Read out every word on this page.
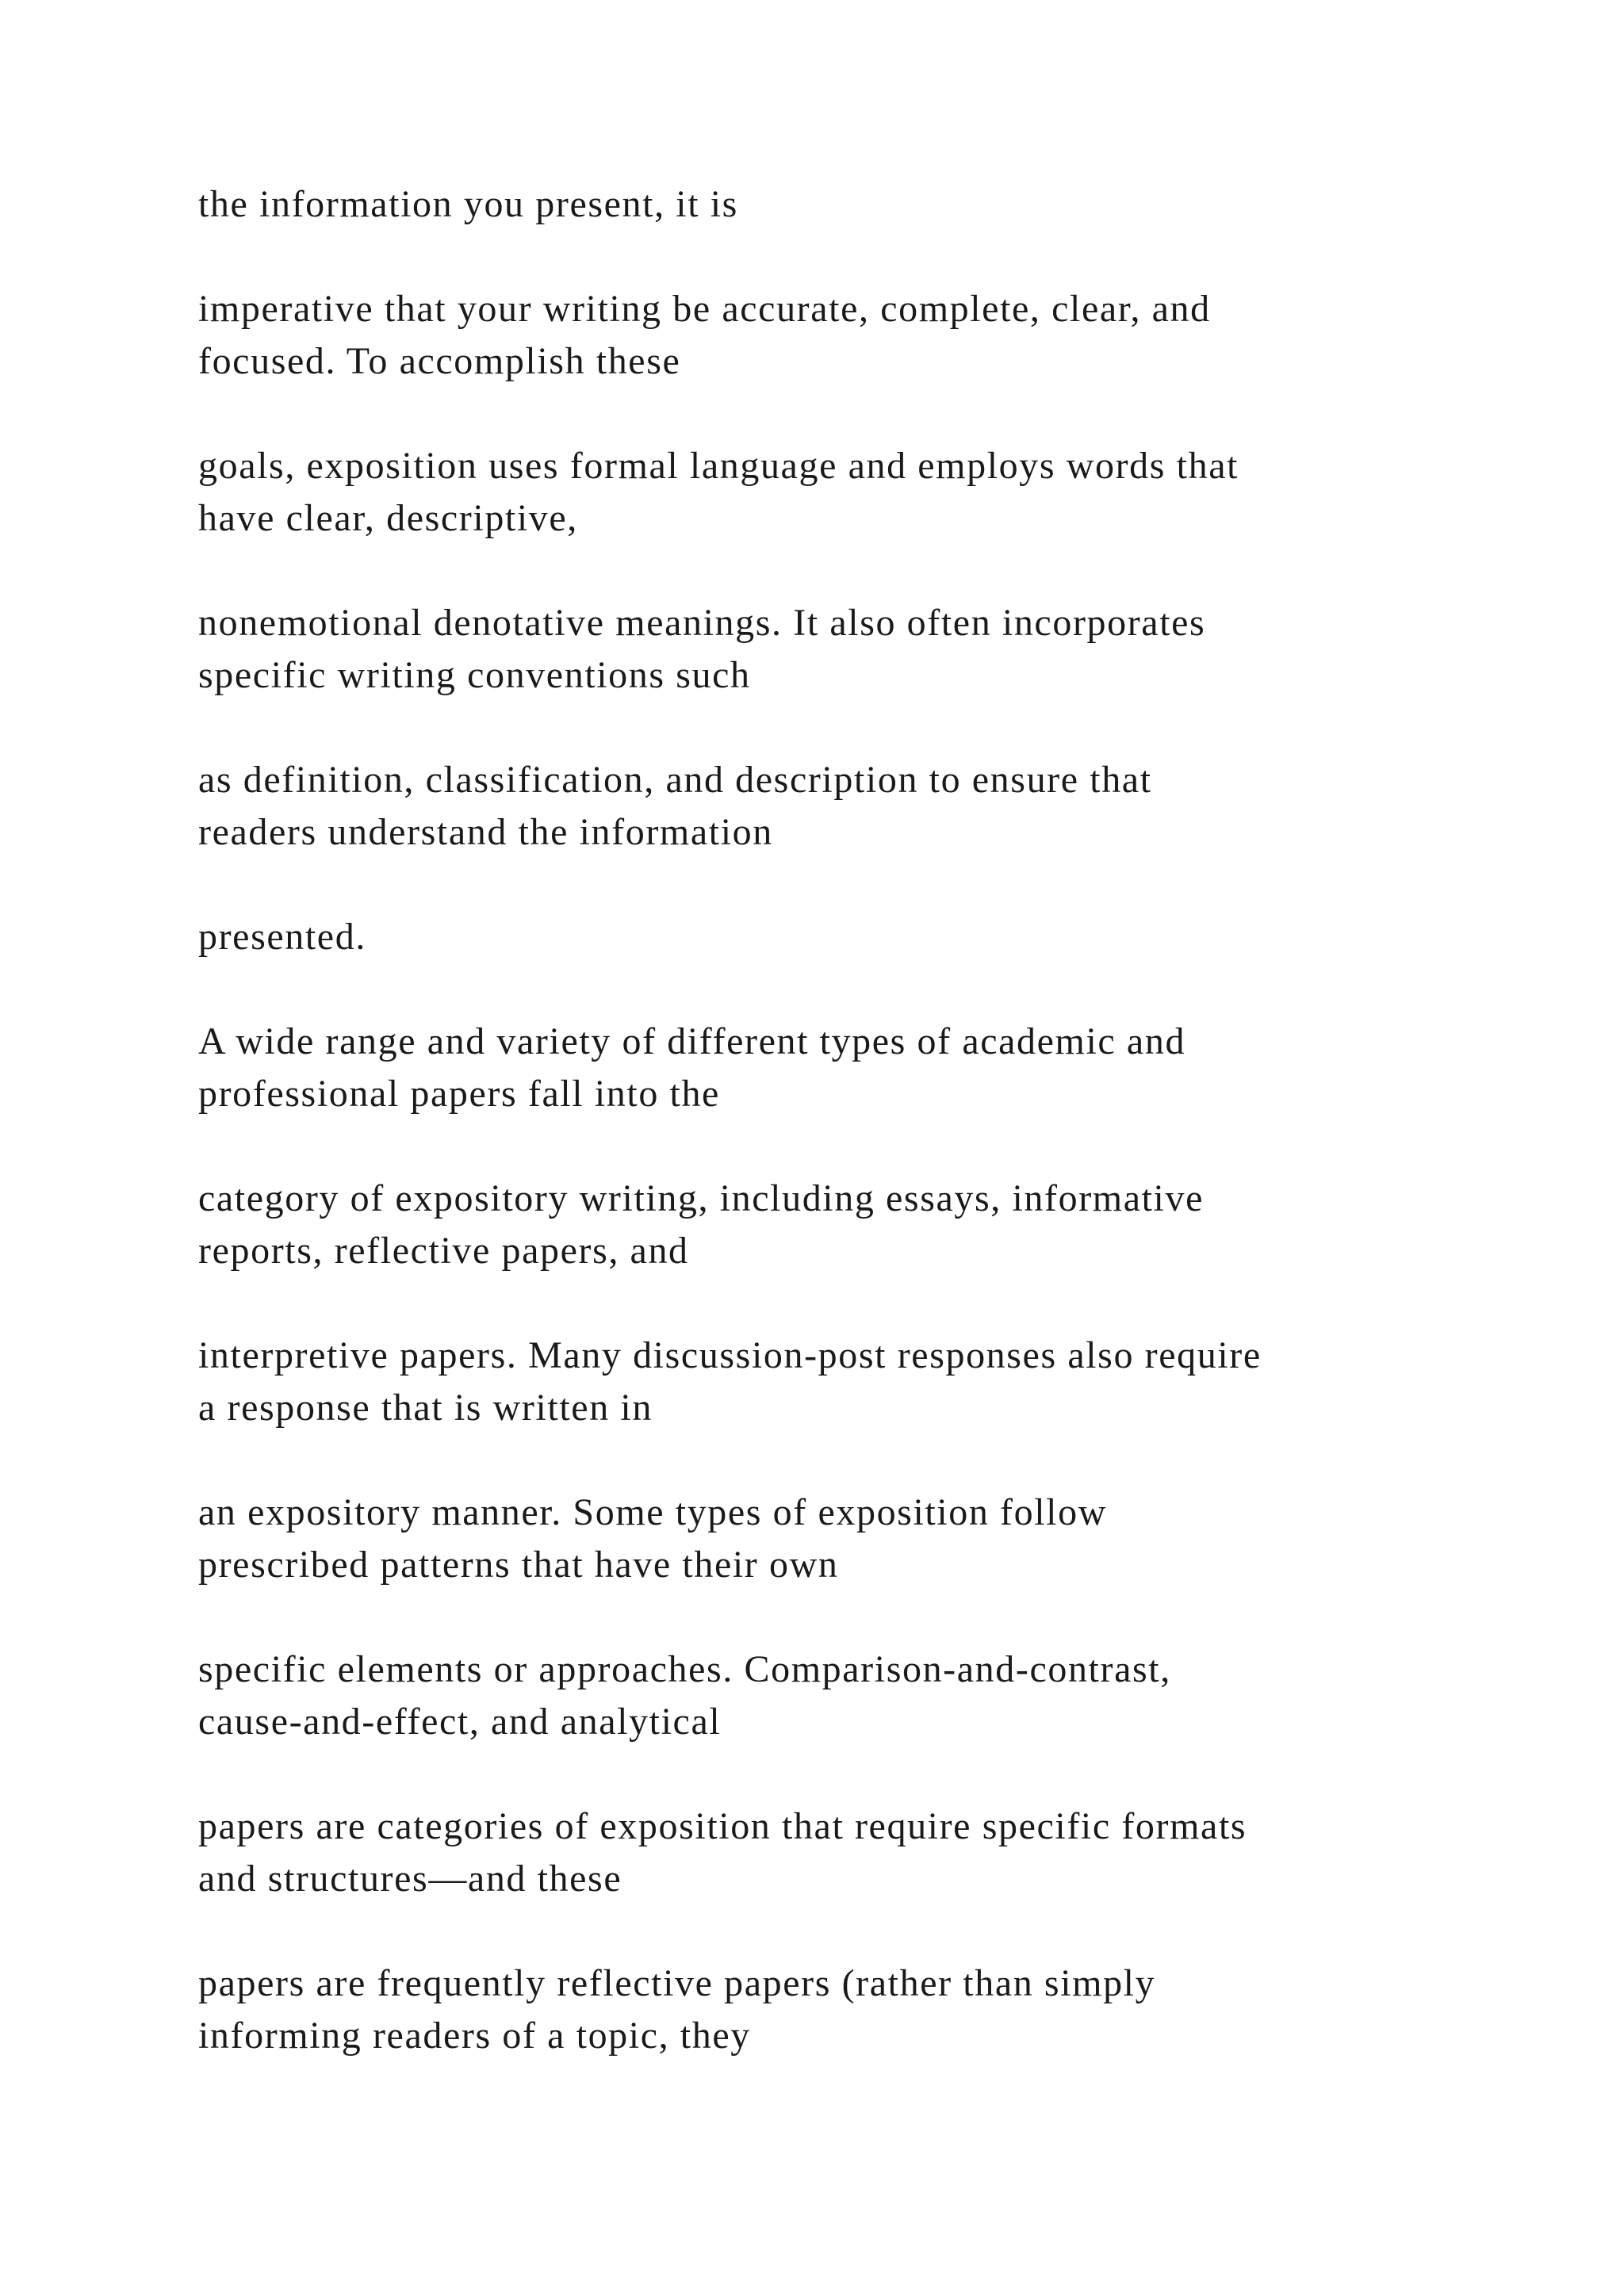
the information you present, it is

imperative that your writing be accurate, complete, clear, and
focused. To accomplish these

goals, exposition uses formal language and employs words that
have clear, descriptive,

nonemotional denotative meanings. It also often incorporates
specific writing conventions such

as definition, classification, and description to ensure that
readers understand the information

presented.

A wide range and variety of different types of academic and
professional papers fall into the

category of expository writing, including essays, informative
reports, reflective papers, and

interpretive papers. Many discussion-post responses also require
a response that is written in

an expository manner. Some types of exposition follow
prescribed patterns that have their own

specific elements or approaches. Comparison-and-contrast,
cause-and-effect, and analytical

papers are categories of exposition that require specific formats
and structures—and these

papers are frequently reflective papers (rather than simply
informing readers of a topic, they
